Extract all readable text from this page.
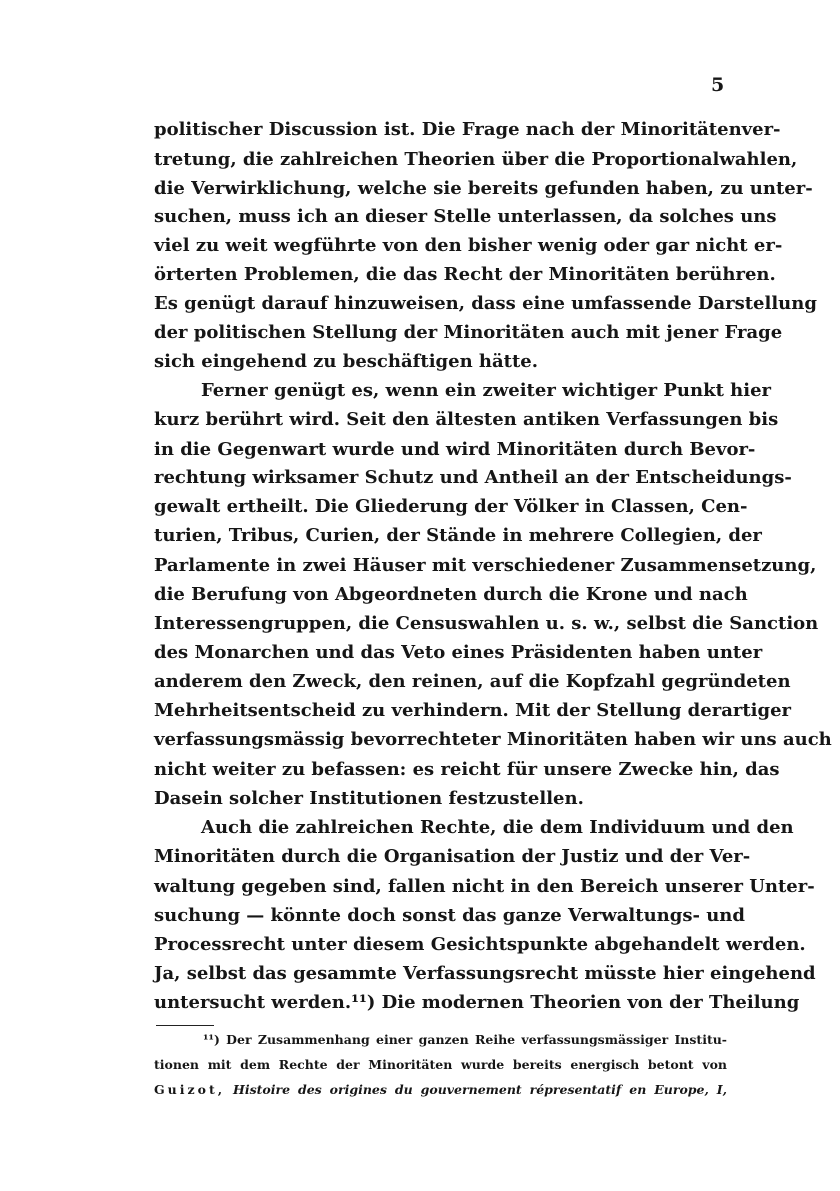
5
politischer Discussion ist. Die Frage nach der Minoritätenver-
tretung, die zahlreichen Theorien über die Proportionalwahlen,
die Verwirklichung, welche sie bereits gefunden haben, zu unter-
suchen, muss ich an dieser Stelle unterlassen, da solches uns
viel zu weit wegführte von den bisher wenig oder gar nicht er-
örterten Problemen, die das Recht der Minoritäten berühren.
Es genügt darauf hinzuweisen, dass eine umfassende Darstellung
der politischen Stellung der Minoritäten auch mit jener Frage
sich eingehend zu beschäftigen hätte.
Ferner genügt es, wenn ein zweiter wichtiger Punkt hier
kurz berührt wird. Seit den ältesten antiken Verfassungen bis
in die Gegenwart wurde und wird Minoritäten durch Bevor-
rechtung wirksamer Schutz und Antheil an der Entscheidungs-
gewalt ertheilt. Die Gliederung der Völker in Classen, Cen-
turien, Tribus, Curien, der Stände in mehrere Collegien, der
Parlamente in zwei Häuser mit verschiedener Zusammensetzung,
die Berufung von Abgeordneten durch die Krone und nach
Interessengruppen, die Censuswahlen u. s. w., selbst die Sanction
des Monarchen und das Veto eines Präsidenten haben unter
anderem den Zweck, den reinen, auf die Kopfzahl gegründeten
Mehrheitsentscheid zu verhindern. Mit der Stellung derartiger
verfassungsmässig bevorrechteter Minoritäten haben wir uns auch
nicht weiter zu befassen: es reicht für unsere Zwecke hin, das
Dasein solcher Institutionen festzustellen.
Auch die zahlreichen Rechte, die dem Individuum und den
Minoritäten durch die Organisation der Justiz und der Ver-
waltung gegeben sind, fallen nicht in den Bereich unserer Unter-
suchung — könnte doch sonst das ganze Verwaltungs- und
Processrecht unter diesem Gesichtspunkte abgehandelt werden.
Ja, selbst das gesammte Verfassungsrecht müsste hier eingehend
untersucht werden.¹¹) Die modernen Theorien von der Theilung
¹¹) Der Zusammenhang einer ganzen Reihe verfassungsmässiger Institu-
tionen mit dem Rechte der Minoritäten wurde bereits energisch betont von
Guizot, Histoire des origines du gouvernement répresentatif en Europe, I,
